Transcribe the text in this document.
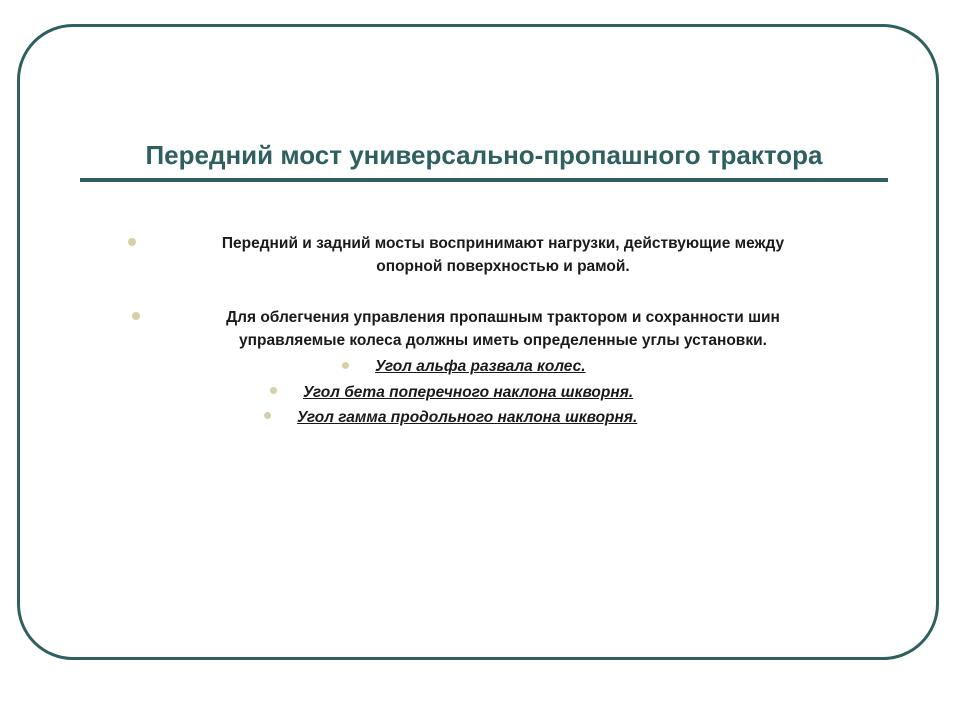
Передний мост универсально-пропашного трактора
Передний и задний мосты воспринимают нагрузки, действующие между
опорной поверхностью и рамой.
Для облегчения управления пропашным трактором и сохранности шин
управляемые колеса должны иметь определенные углы установки.
Угол альфа развала колес.
Угол бета поперечного наклона шкворня.
Угол гамма продольного наклона шкворня.
